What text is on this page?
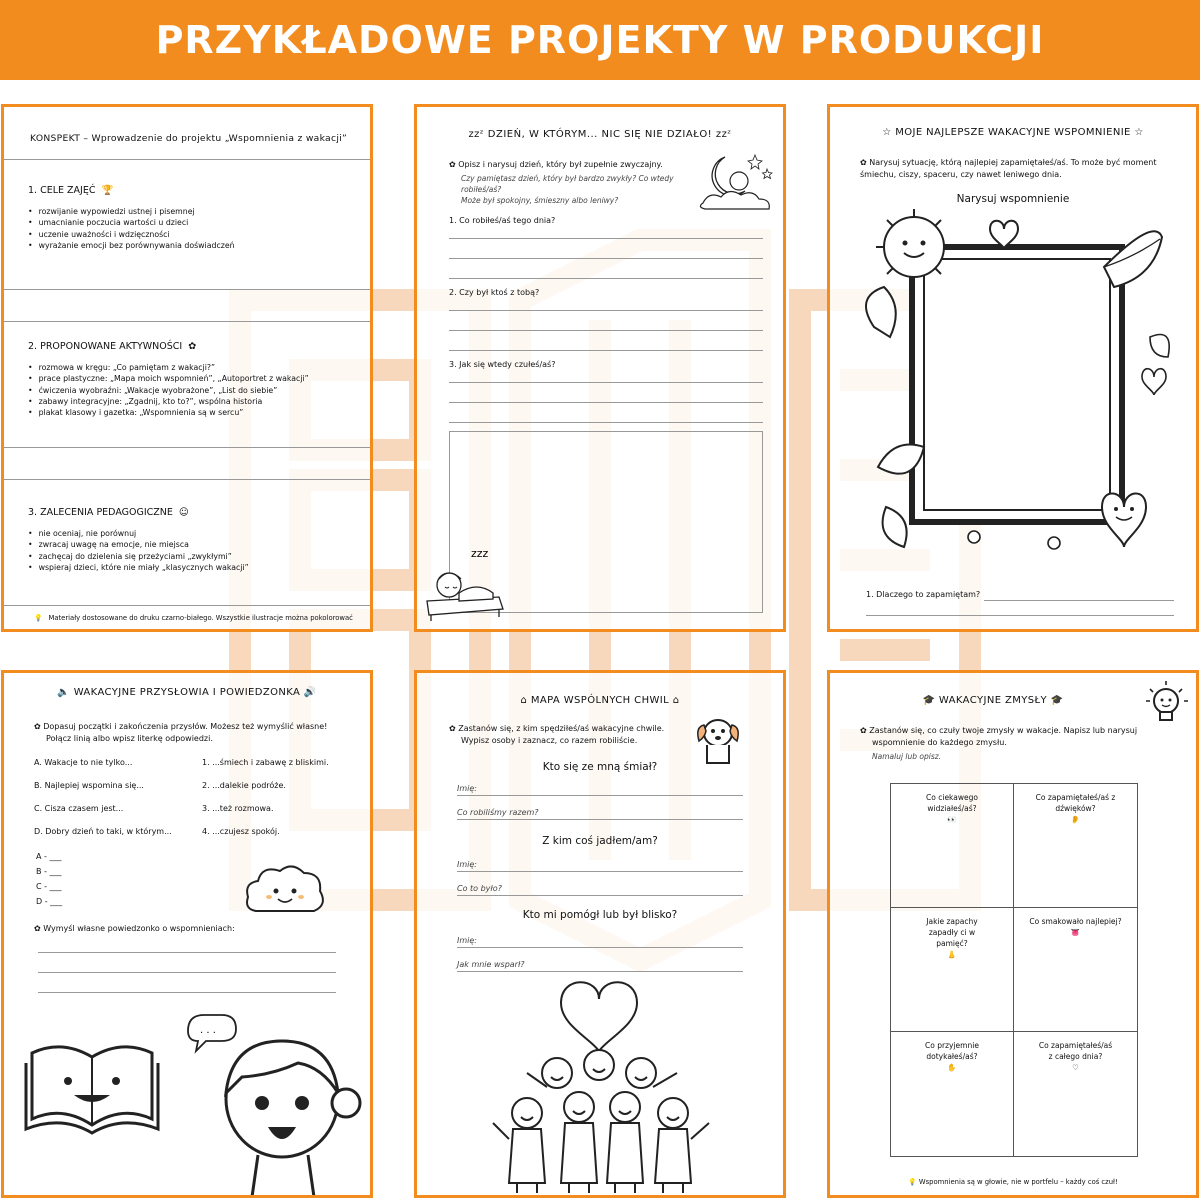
PRZYKŁADOWE PROJEKTY W PRODUKCJI
KONSPEKT – Wprowadzenie do projektu „Wspomnienia z wakacji”
1. CELE ZAJĘĆ 🏆
• rozwijanie wypowiedzi ustnej i pisemnej
• umacnianie poczucia wartości u dzieci
• uczenie uważności i wdzięczności
• wyrażanie emocji bez porównywania doświadczeń
2. PROPONOWANE AKTYWNOŚCI ✿
• rozmowa w kręgu: „Co pamiętam z wakacji?”
• prace plastyczne: „Mapa moich wspomnień”, „Autoportret z wakacji”
• ćwiczenia wyobraźni: „Wakacje wyobrażone”, „List do siebie”
• zabawy integracyjne: „Zgadnij, kto to?”, wspólna historia
• plakat klasowy i gazetka: „Wspomnienia są w sercu”
3. ZALECENIA PEDAGOGICZNE ☺
• nie oceniaj, nie porównuj
• zwracaj uwagę na emocje, nie miejsca
• zachęcaj do dzielenia się przeżyciami „zwykłymi”
• wspieraj dzieci, które nie miały „klasycznych wakacji”
💡 Materiały dostosowane do druku czarno-białego. Wszystkie ilustracje można pokolorować
zzᶻ DZIEŃ, W KTÓRYM... NIC SIĘ NIE DZIAŁO! zzᶻ
✿ Opisz i narysuj dzień, który był zupełnie zwyczajny.
Czy pamiętasz dzień, który był bardzo zwykły? Co wtedy robiłeś/aś?
Może był spokojny, śmieszny albo leniwy?
1. Co robiłeś/aś tego dnia?
2. Czy był ktoś z tobą?
3. Jak się wtedy czułeś/aś?
zzz
☆ MOJE NAJLEPSZE WAKACYJNE WSPOMNIENIE ☆
✿ Narysuj sytuację, którą najlepiej zapamiętałeś/aś. To może być moment śmiechu, ciszy, spaceru, czy nawet leniwego dnia.
Narysuj wspomnienie
1. Dlaczego to zapamiętam?
🔈 WAKACYJNE PRZYSŁOWIA I POWIEDZONKA 🔊
✿ Dopasuj początki i zakończenia przysłów. Możesz też wymyślić własne!
Połącz linią albo wpisz literkę odpowiedzi.
A. Wakacje to nie tylko...
B. Najlepiej wspomina się...
C. Cisza czasem jest...
D. Dobry dzień to taki, w którym...
1. ...śmiech i zabawę z bliskimi.
2. ...dalekie podróże.
3. ...też rozmowa.
4. ...czujesz spokój.
A - ___
B - ___
C - ___
D - ___
✿ Wymyśl własne powiedzonko o wspomnieniach:
. . .
⌂ MAPA WSPÓLNYCH CHWIL ⌂
✿ Zastanów się, z kim spędziłeś/aś wakacyjne chwile.
Wypisz osoby i zaznacz, co razem robiliście.
Kto się ze mną śmiał?
Imię:
Co robiliśmy razem?
Z kim coś jadłem/am?
Imię:
Co to było?
Kto mi pomógł lub był blisko?
Imię:
Jak mnie wsparł?
🎓 WAKACYJNE ZMYSŁY 🎓
✿ Zastanów się, co czuły twoje zmysły w wakacje. Napisz lub narysuj
wspomnienie do każdego zmysłu.
Namaluj lub opisz.
Co ciekawego widziałeś/aś?
👀
Co zapamiętałeś/aś z dźwięków?
👂
Jakie zapachy zapadły ci w pamięć?
👃
Co smakowało najlepiej?
👅
Co przyjemnie dotykałeś/aś?
✋
Co zapamiętałeś/aś z całego dnia?
♡
💡 Wspomnienia są w głowie, nie w portfelu – każdy coś czuł!
